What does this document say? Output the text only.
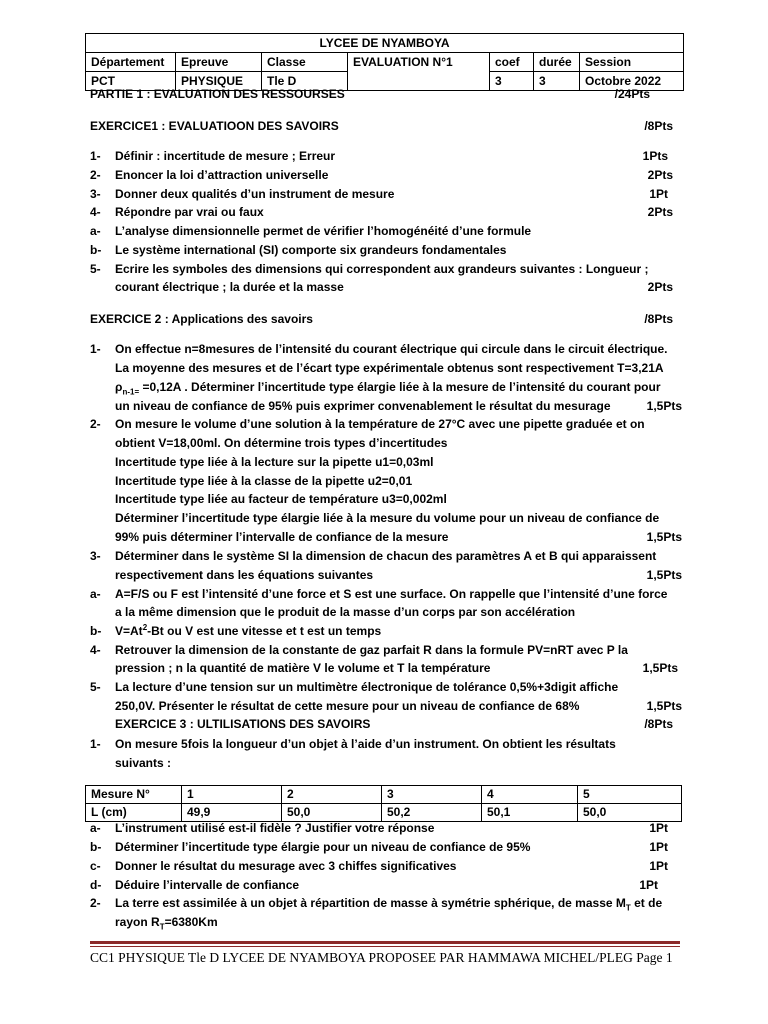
LYCEE DE NYAMBOYA						
Département	Epreuve	Classe	EVALUATION N°1	coef	durée	Session
PCT	PHYSIQUE	Tle D		3	3	Octobre 2022
PARTIE 1 : EVALUATION DES RESSOURSES	/24Pts
EXERCICE1 : EVALUATIOON DES SAVOIRS	/8Pts
1- Définir : incertitude de mesure ; Erreur	1Pts
2- Enoncer la loi d’attraction universelle	2Pts
3- Donner deux qualités d’un instrument de mesure	1Pt
4- Répondre par vrai ou faux	2Pts
a- L’analyse dimensionnelle permet de vérifier l’homogénéité d’une formule
b- Le système international (SI) comporte six grandeurs fondamentales
5- Ecrire les symboles des dimensions qui correspondent aux grandeurs suivantes : Longueur ;
courant électrique ; la durée et la masse	2Pts
EXERCICE 2 : Applications des savoirs	/8Pts
1- On effectue n=8mesures de l’intensité du courant électrique qui circule dans le circuit électrique.
La moyenne des mesures et de l’écart type expérimentale obtenus sont respectivement T=3,21A
$\rho_{n-1=} =0,12A$ . Déterminer l’incertitude type élargie liée à la mesure de l’intensité du courant pour
un niveau de confiance de 95% puis exprimer convenablement le résultat du mesurage	1,5Pts
2- On mesure le volume d’une solution à la température de 27°C avec une pipette graduée et on
obtient V=18,00ml. On détermine trois types d’incertitudes
Incertitude type liée à la lecture sur la pipette u1=0,03ml
Incertitude type liée à la classe de la pipette u2=0,01
Incertitude type liée au facteur de température u3=0,002ml
Déterminer l’incertitude type élargie liée à la mesure du volume pour un niveau de confiance de
99% puis déterminer l’intervalle de confiance de la mesure	1,5Pts
3- Déterminer dans le système SI la dimension de chacun des paramètres A et B qui apparaissent
respectivement dans les équations suivantes	1,5Pts
a- A=F/S ou F est l’intensité d’une force et S est une surface. On rappelle que l’intensité d’une force
a la même dimension que le produit de la masse d’un corps par son accélération
b- $V=At^2-Bt$ ou V est une vitesse et t est un temps
4- Retrouver la dimension de la constante de gaz parfait R dans la formule PV=nRT avec P la
pression ; n la quantité de matière V le volume et T la température	1,5Pts
5- La lecture d’une tension sur un multimètre électronique de tolérance 0,5%+3digit affiche
250,0V. Présenter le résultat de cette mesure pour un niveau de confiance de 68%	1,5Pts
EXERCICE 3 : ULTILISATIONS DES SAVOIRS	/8Pts
1- On mesure 5fois la longueur d’un objet à l’aide d’un instrument. On obtient les résultats
suivants :
Mesure N°	1	2	3	4	5
L (cm)	49,9	50,0	50,2	50,1	50,0
a- L’instrument utilisé est-il fidèle ? Justifier votre réponse	1Pt
b- Déterminer l’incertitude type élargie pour un niveau de confiance de 95%	1Pt
c- Donner le résultat du mesurage avec 3 chiffes significatives	1Pt
d- Déduire l’intervalle de confiance	1Pt
2- La terre est assimilée à un objet à répartition de masse à symétrie sphérique, de masse $M_T$ et de
rayon $R_T=6380Km$
CC1 PHYSIQUE Tle D LYCEE DE NYAMBOYA PROPOSEE PAR HAMMAWA MICHEL/PLEG Page 1
